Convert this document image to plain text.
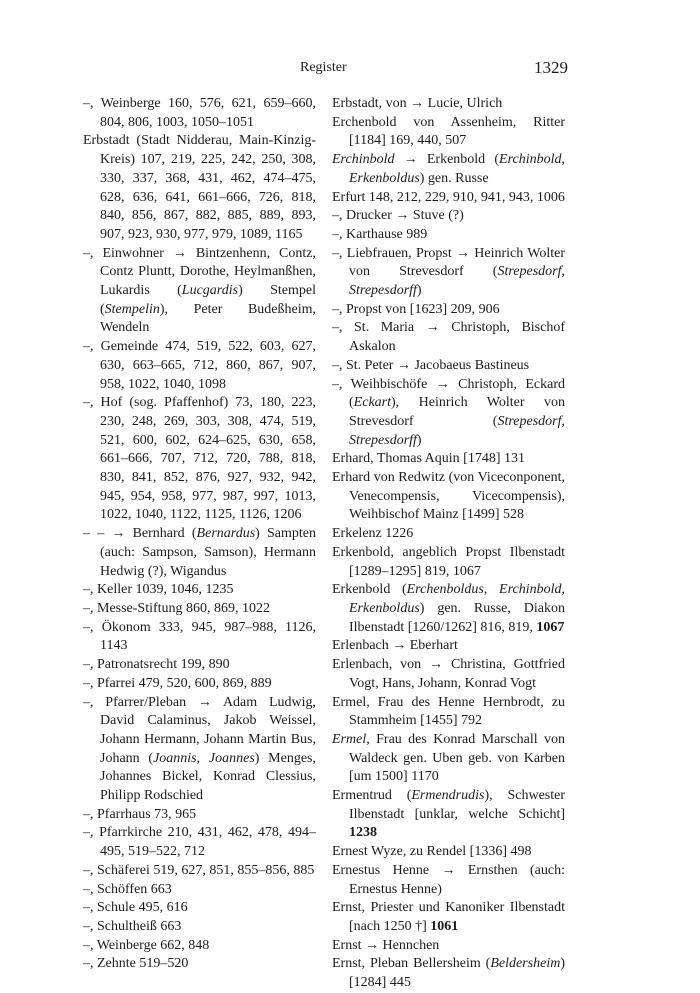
Register	1329

–, Weinberge 160, 576, 621, 659–660, 804, 806, 1003, 1050–1051

Erbstadt (Stadt Nidderau, Main-Kinzig-Kreis) 107, 219, 225, 242, 250, 308, 330, 337, 368, 431, 462, 474–475, 628, 636, 641, 661–666, 726, 818, 840, 856, 867, 882, 885, 889, 893, 907, 923, 930, 977, 979, 1089, 1165

–, Einwohner → Bintzenhenn, Contz, Contz Pluntt, Dorothe, Heylmanßhen, Lukardis (Lucgardis) Stempel (Stempelin), Peter Budeßheim, Wendeln

–, Gemeinde 474, 519, 522, 603, 627, 630, 663–665, 712, 860, 867, 907, 958, 1022, 1040, 1098

–, Hof (sog. Pfaffenhof) 73, 180, 223, 230, 248, 269, 303, 308, 474, 519, 521, 600, 602, 624–625, 630, 658, 661–666, 707, 712, 720, 788, 818, 830, 841, 852, 876, 927, 932, 942, 945, 954, 958, 977, 987, 997, 1013, 1022, 1040, 1122, 1125, 1126, 1206

– – → Bernhard (Bernardus) Sampten (auch: Sampson, Samson), Hermann Hedwig (?), Wigandus

–, Keller 1039, 1046, 1235

–, Messe-Stiftung 860, 869, 1022

–, Ökonom 333, 945, 987–988, 1126, 1143

–, Patronatsrecht 199, 890

–, Pfarrei 479, 520, 600, 869, 889

–, Pfarrer/Pleban → Adam Ludwig, David Calaminus, Jakob Weissel, Johann Hermann, Johann Martin Bus, Johann (Joannis, Joannes) Menges, Johannes Bickel, Konrad Clessius, Philipp Rodschied

–, Pfarrhaus 73, 965

–, Pfarrkirche 210, 431, 462, 478, 494–495, 519–522, 712

–, Schäferei 519, 627, 851, 855–856, 885

–, Schöffen 663

–, Schule 495, 616

–, Schultheiß 663

–, Weinberge 662, 848

–, Zehnte 519–520

Erbstadt, von → Lucie, Ulrich

Erchenbold von Assenheim, Ritter [1184] 169, 440, 507

Erchinbold → Erkenbold (Erchinbold, Erkenboldus) gen. Russe

Erfurt 148, 212, 229, 910, 941, 943, 1006

–, Drucker → Stuve (?)

–, Karthause 989

–, Liebfrauen, Propst → Heinrich Wolter von Strevesdorf (Strepesdorf, Strepesdorff)

–, Propst von [1623] 209, 906

–, St. Maria → Christoph, Bischof Askalon

–, St. Peter → Jacobaeus Bastineus

–, Weihbischöfe → Christoph, Eckard (Eckart), Heinrich Wolter von Strevesdorf (Strepesdorf, Strepesdorff)

Erhard, Thomas Aquin [1748] 131

Erhard von Redwitz (von Viceconponent, Venecompensis, Vicecompensis), Weihbischof Mainz [1499] 528

Erkelenz 1226

Erkenbold, angeblich Propst Ilbenstadt [1289–1295] 819, 1067

Erkenbold (Erchenboldus, Erchinbold, Erkenboldus) gen. Russe, Diakon Ilbenstadt [1260/1262] 816, 819, 1067

Erlenbach → Eberhart

Erlenbach, von → Christina, Gottfried Vogt, Hans, Johann, Konrad Vogt

Ermel, Frau des Henne Hernbrodt, zu Stammheim [1455] 792

Ermel, Frau des Konrad Marschall von Waldeck gen. Uben geb. von Karben [um 1500] 1170

Ermentrud (Ermendrudis), Schwester Ilbenstadt [unklar, welche Schicht] 1238

Ernest Wyze, zu Rendel [1336] 498

Ernestus Henne → Ernsthen (auch: Ernestus Henne)

Ernst, Priester und Kanoniker Ilbenstadt [nach 1250 †] 1061

Ernst → Hennchen

Ernst, Pleban Bellersheim (Beldersheim) [1284] 445
